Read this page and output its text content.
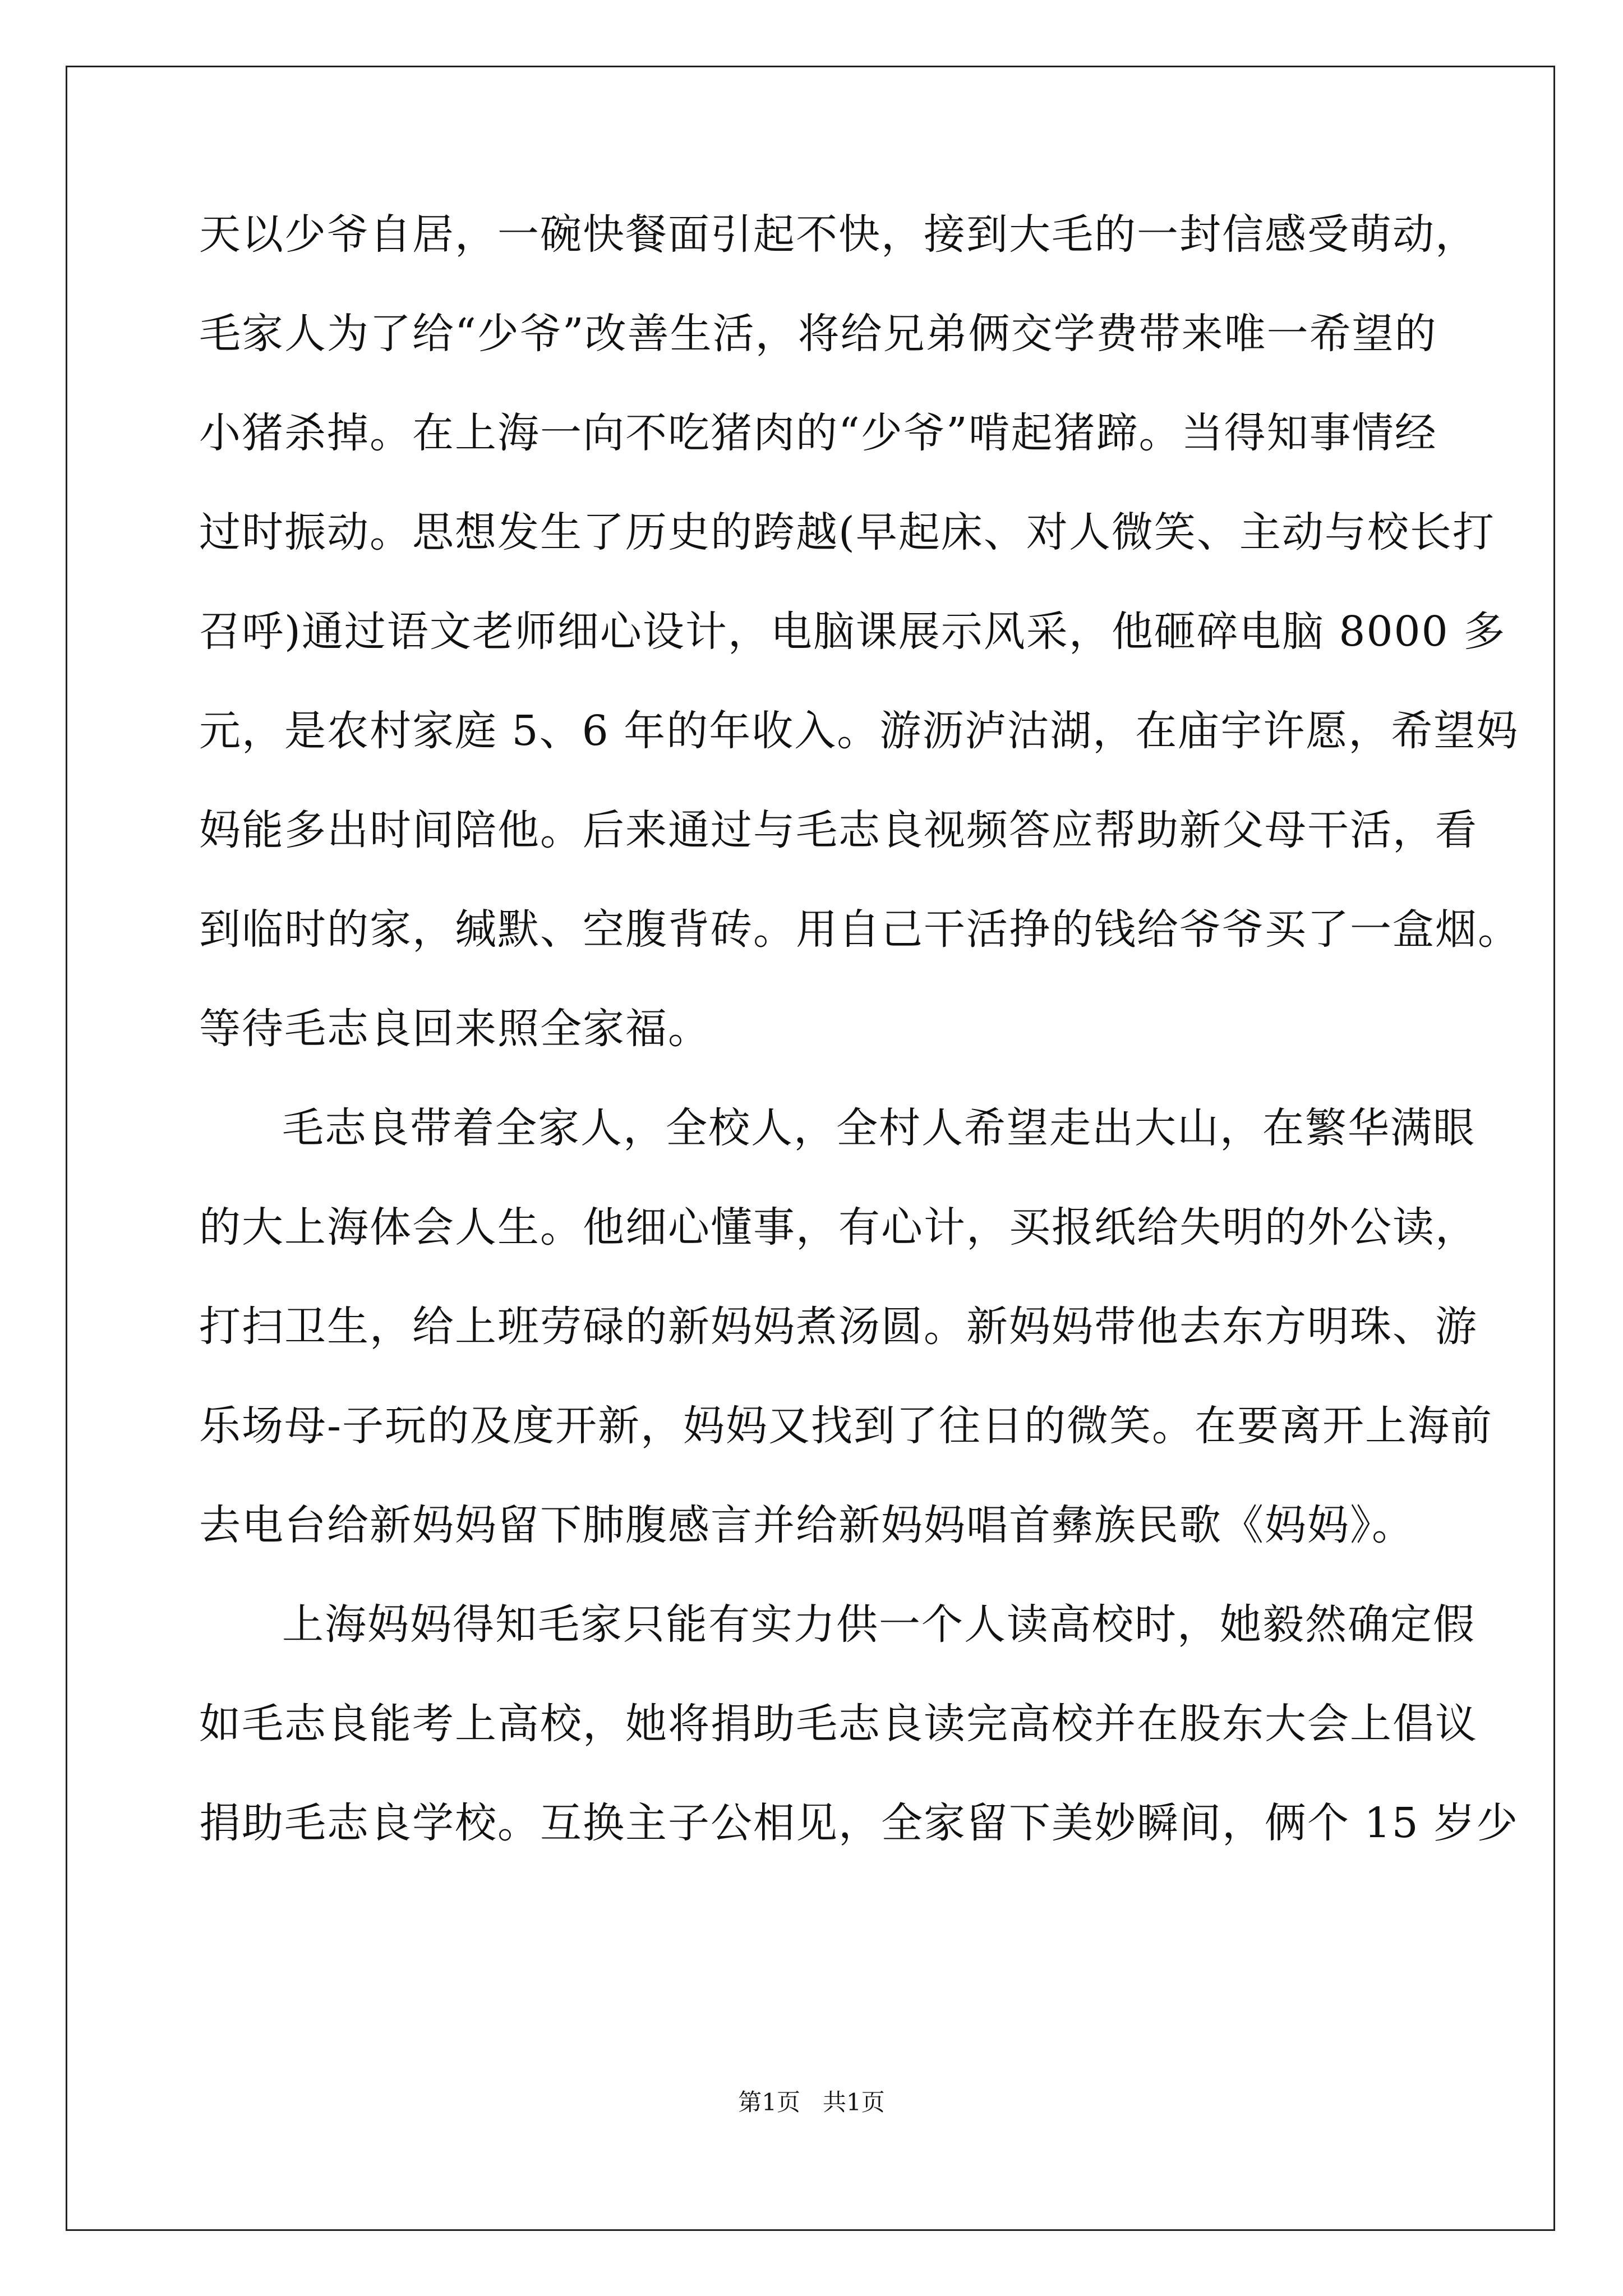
天以少爷自居，一碗快餐面引起不快，接到大毛的一封信感受萌动，
毛家人为了给“少爷”改善生活，将给兄弟俩交学费带来唯一希望的
小猪杀掉。在上海一向不吃猪肉的“少爷”啃起猪蹄。当得知事情经
过时振动。思想发生了历史的跨越(早起床、对人微笑、主动与校长打
召呼)通过语文老师细心设计，电脑课展示风采，他砸碎电脑 8000 多
元，是农村家庭 5、6 年的年收入。游沥泸沽湖，在庙宇许愿，希望妈
妈能多出时间陪他。后来通过与毛志良视频答应帮助新父母干活，看
到临时的家，缄默、空腹背砖。用自己干活挣的钱给爷爷买了一盒烟。
等待毛志良回来照全家福。
毛志良带着全家人，全校人，全村人希望走出大山，在繁华满眼
的大上海体会人生。他细心懂事，有心计，买报纸给失明的外公读，
打扫卫生，给上班劳碌的新妈妈煮汤圆。新妈妈带他去东方明珠、游
乐场母-子玩的及度开新，妈妈又找到了往日的微笑。在要离开上海前
去电台给新妈妈留下肺腹感言并给新妈妈唱首彝族民歌《妈妈》。
上海妈妈得知毛家只能有实力供一个人读高校时，她毅然确定假
如毛志良能考上高校，她将捐助毛志良读完高校并在股东大会上倡议
捐助毛志良学校。互换主子公相见，全家留下美妙瞬间，俩个 15 岁少
第1页   共1页
